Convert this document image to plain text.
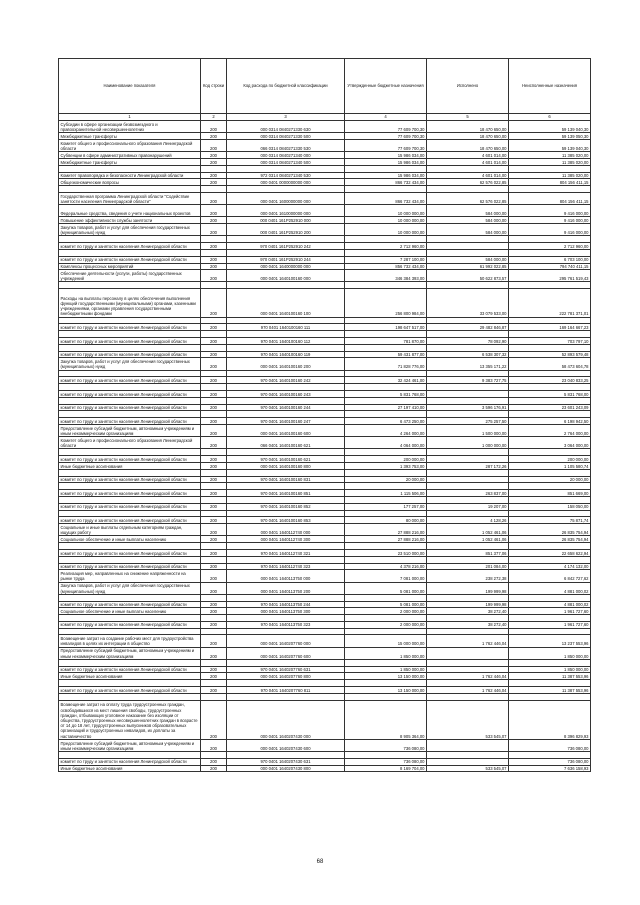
Наименование показателя	Код строки	Код расхода по бюджетной классификации	Утвержденные бюджетные назначения	Исполнено	Неисполненные назначения
1	2	3	4	5	6
Субсидии в сфере организации безвозмездного и правоохранительной несовершеннолетних	200	000 0314 0840271330 630	77 609 700,30	18 470 650,00	59 139 040,30
Межбюджетные трансферты	200	000 0314 0840271330 500	77 609 700,30	18 470 650,00	59 139 050,30
Комитет общего и профессионального образования Ленинградской области	200	066 0314 0840271330 530	77 609 700,30	18 470 650,00	59 139 040,30
Субвенции в сфере административных правонарушений	200	000 0314 0840271340 000	15 986 034,00	4 601 014,00	11 385 020,00
Межбюджетные трансферты	200	000 0314 0840271340 500	15 986 034,00	4 601 014,00	11 385 020,00

Комитет правопорядка и безопасности Ленинградской области	200	972 0314 0840271340 530	15 986 034,00	4 601 014,00	11 385 020,00
Общеэкономические вопросы	200	000 0401 0000000000 000	866 732 434,00	62 576 022,85	804 156 411,15

Государственная программа Ленинградской области "Содействие занятости населения Ленинградской области"	200	000 0401 1600000000 000	866 732 434,00	62 576 022,85	804 156 411,15
Федеральные средства, сведения о учете национальных проектов	200	000 0401 1610000000 000	10 000 000,00	584 000,00	9 416 000,00
Повышение эффективности службы занятости	200	000 0401 161P252910 000	10 000 000,00	584 000,00	9 416 000,00
Закупка товаров, работ и услуг для обеспечения государственных (муниципальных) нужд	200	000 0401 161P252910 200	10 000 000,00	584 000,00	9 416 000,00

комитет по труду и занятости населения Ленинградской области	200	970 0401 161P252910 242	2 712 960,00		2 712 960,00

комитет по труду и занятости населения Ленинградской области	200	970 0401 161P252910 244	7 287 100,00	584 000,00	6 703 100,00
Комплексы процессных мероприятий	200	000 0401 1640000000 000	856 732 434,00	61 992 022,85	794 740 411,15
Обеспечение деятельности (услуги, работы) государственных учреждений	200	000 0401 1640100160 000	346 384 393,00	50 622 873,57	295 761 519,43

Расходы на выплаты персоналу в целях обеспечения выполнения функций государственными (муниципальными) органами, казенными учреждениями, органами управления государственными внебюджетными фондами	200	000 0401 1640100160 100	256 800 984,00	33 079 533,00	222 781 371,01

комитет по труду и занятости населения Ленинградской области	200	970 0401 1640100160 111	198 647 517,00	29 482 846,87	169 164 667,23

комитет по труду и занятости населения Ленинградской области	200	970 0401 1640100160 112	781 870,00	78 092,90	703 797,10

комитет по труду и занятости населения Ленинградской области	200	970 0401 1640100160 119	59 431 877,00	6 538 307,32	52 893 579,48
Закупка товаров, работ и услуг для обеспечения государственных (муниципальных) нужд	200	000 0401 1640100160 200	71 828 776,00	13 355 171,22	58 473 604,78

комитет по труду и занятости населения Ленинградской области	200	970 0401 1640100160 242	32 424 461,00	9 383 727,75	23 040 833,25

комитет по труду и занятости населения Ленинградской области	200	970 0401 1640100160 243	5 831 768,00		5 831 768,00

комитет по труду и занятости населения Ленинградской области	200	970 0401 1640100160 244	27 197 410,00	3 596 176,91	23 601 243,09

комитет по труду и занятости населения Ленинградской области	200	970 0401 1640100160 247	6 473 250,00	275 257,50	6 198 942,50
Предоставление субсидий бюджетным, автономным учреждениям и иным некоммерческим организациям	200	000 0401 1640100160 600	4 264 000,00	1 500 000,00	2 764 000,00
Комитет общего и профессионального образования Ленинградской области	200	066 0401 1640100160 621	4 064 000,00	1 000 000,00	3 064 000,00

комитет по труду и занятости населения Ленинградской области	200	970 0401 1640100160 621	200 000,00		200 000,00
Иные бюджетные ассигнования	200	000 0401 1640100160 800	1 393 753,00	287 172,26	1 105 580,74

комитет по труду и занятости населения Ленинградской области	200	970 0401 1640100160 831	20 000,00		20 000,00

комитет по труду и занятости населения Ленинградской области	200	970 0401 1640100160 851	1 115 506,00	263 837,00	851 669,00

комитет по труду и занятости населения Ленинградской области	200	970 0401 1640100160 852	177 257,00	19 207,00	158 050,00

комитет по труду и занятости населения Ленинградской области	200	970 0401 1640100160 853	80 000,00	4 128,26	75 871,74
Социальные и иные выплаты отдельным категориям граждан, ищущих работу	200	000 0401 1640112740 000	27 888 216,00	1 052 461,06	26 835 754,94
Социальное обеспечение и иные выплаты населению	200	000 0401 1640112740 300	27 888 216,00	1 052 461,06	26 835 754,94

комитет по труду и занятости населения Ленинградской области	200	970 0401 1640112740 321	23 510 000,00	851 377,06	22 658 622,94

комитет по труду и занятости населения Ленинградской области	200	970 0401 1640112740 323	4 378 216,00	201 084,00	4 174 132,00
Реализация мер, направленных на снижение напряженности на рынке труда	200	000 0401 1640113750 000	7 081 000,00	238 272,38	6 842 727,62
Закупка товаров, работ и услуг для обеспечения государственных (муниципальных) нужд	200	000 0401 1640113750 200	5 081 000,00	199 999,98	4 881 000,02

комитет по труду и занятости населения Ленинградской области	200	970 0401 1640113750 244	5 081 000,00	199 999,98	4 881 000,02
Социальное обеспечение и иные выплаты населению	200	000 0401 1640113750 300	2 000 000,00	38 272,40	1 961 727,60

комитет по труду и занятости населения Ленинградской области	200	970 0401 1640113750 323	2 000 000,00	38 272,40	1 961 727,60

Возмещение затрат на создание рабочих мест для трудоустройства инвалидов в целях их интеграции в общество	200	000 0401 1640207760 000	15 000 000,00	1 762 446,04	13 237 553,96
Предоставление субсидий бюджетным, автономным учреждениям и иным некоммерческим организациям	200	000 0401 1640207760 600	1 850 000,00		1 850 000,00

комитет по труду и занятости населения Ленинградской области	200	970 0401 1640207760 631	1 850 000,00		1 850 000,00
Иные бюджетные ассигнования	200	000 0401 1640207760 800	13 150 000,00	1 762 446,04	11 387 553,96

комитет по труду и занятости населения Ленинградской области	200	970 0401 1640207760 811	13 150 000,00	1 762 446,04	11 387 553,96

Возмещение затрат на оплату труда трудоустроенных граждан, освободившихся из мест лишения свободы, трудоустроенных граждан, отбывающих уголовное наказание без изоляции от общества, трудоустроенных несовершеннолетних граждан в возрасте от 14 до 18 лет, трудоустроенных выпускников образовательных организаций и трудоустроенных инвалидов, их доплаты за наставничество	200	000 0401 1640207430 000	8 905 364,00	533 545,07	8 396 829,93
Предоставление субсидий бюджетным, автономным учреждениям и иным некоммерческим организациям	200	000 0401 1640207430 600	736 080,00		736 080,00

комитет по труду и занятости населения Ленинградской области	200	970 0401 1640207430 631	736 080,00		736 080,00
Иные бюджетные ассигнования	200	000 0401 1640207430 800	8 169 704,00	533 545,07	7 636 158,93
68
